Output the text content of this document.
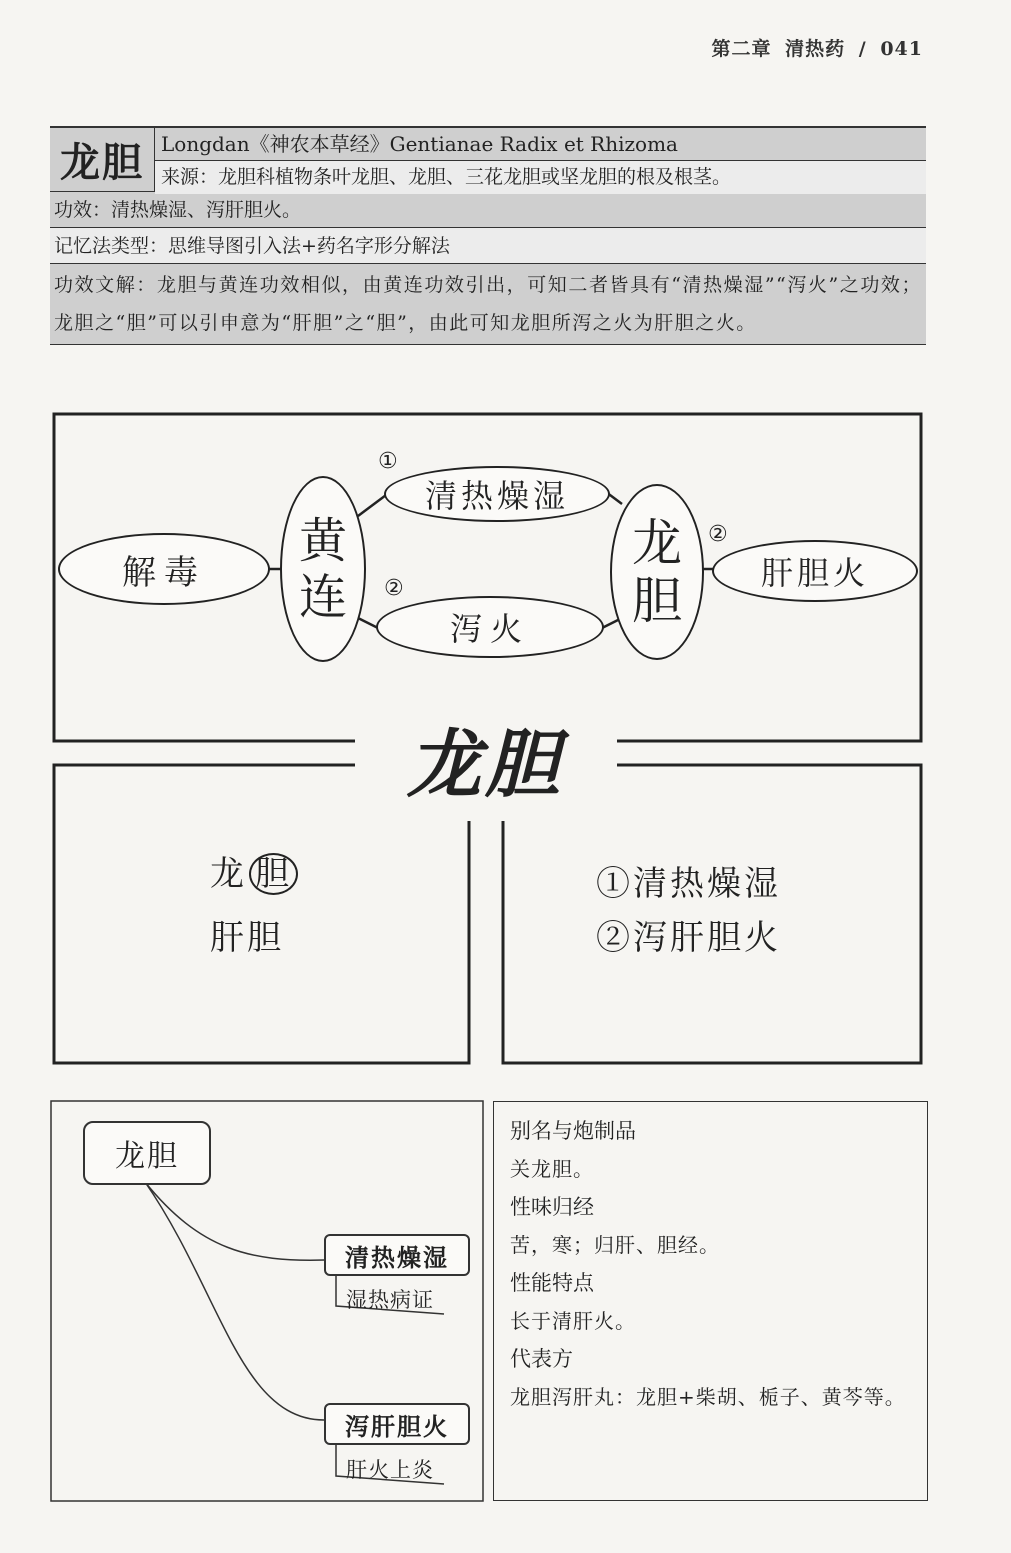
第二章 清热药 / 041
龙胆 Longdan《神农本草经》Gentianae Radix et Rhizoma
来源：龙胆科植物条叶龙胆、龙胆、三花龙胆或坚龙胆的根及根茎。
功效：清热燥湿、泻肝胆火。
记忆法类型：思维导图引入法+药名字形分解法
功效文解：龙胆与黄连功效相似，由黄连功效引出，可知二者皆具有“清热燥湿”“泻火”之功效；龙胆之“胆”可以引申意为“肝胆”之“胆”，由此可知龙胆所泻之火为肝胆之火。
解毒
黄
连
①
清热燥湿
②
泻火
龙
胆
②
肝胆火
龙胆
龙 胆
肝胆
①清热燥湿
②泻肝胆火
龙胆
清热燥湿
湿热病证
泻肝胆火
肝火上炎
别名与炮制品
关龙胆。
性味归经
苦，寒；归肝、胆经。
性能特点
长于清肝火。
代表方
龙胆泻肝丸：龙胆+柴胡、栀子、黄芩等。
